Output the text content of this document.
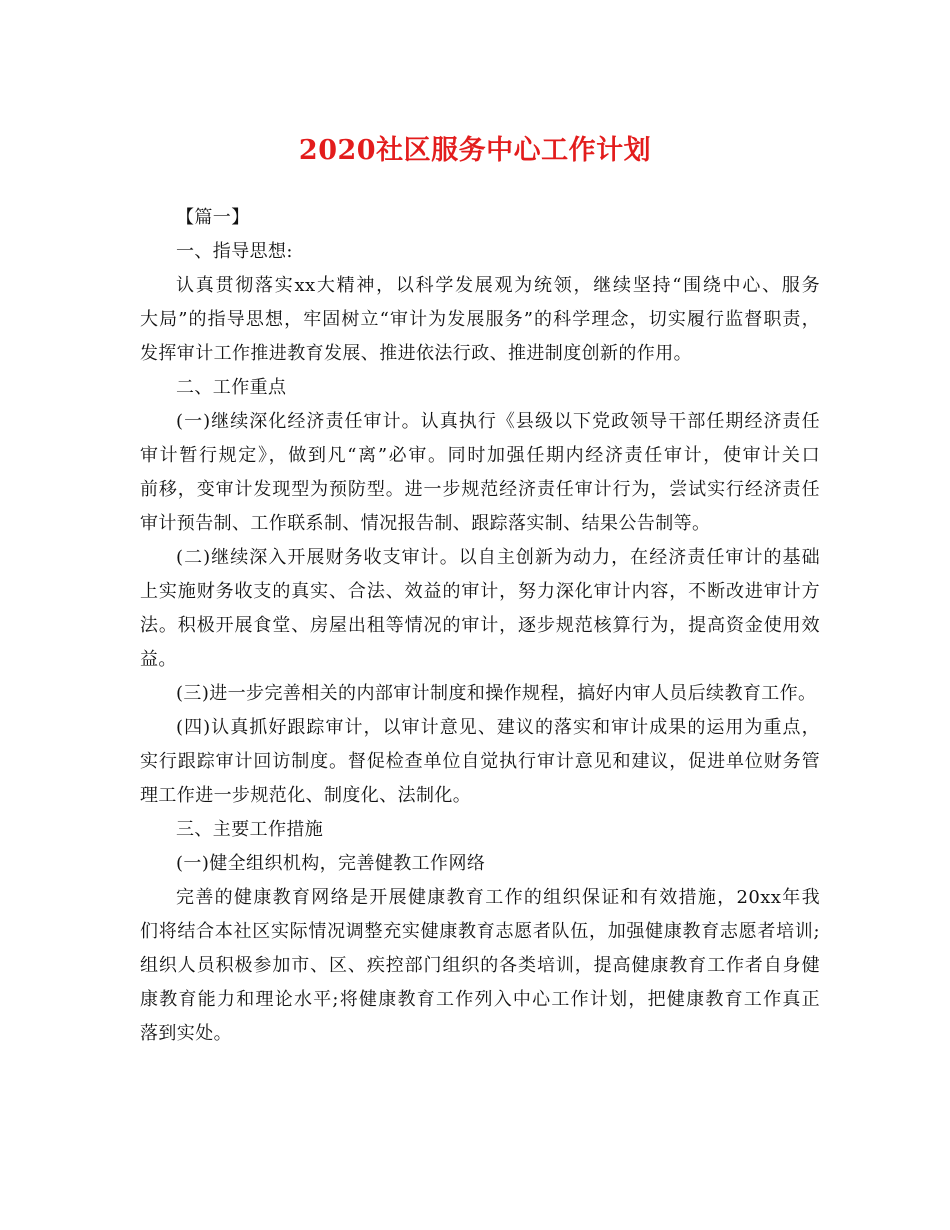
2020社区服务中心工作计划
【篇一】
一、指导思想:
认真贯彻落实xx大精神，以科学发展观为统领，继续坚持“围绕中心、服务
大局”的指导思想，牢固树立“审计为发展服务”的科学理念，切实履行监督职责，
发挥审计工作推进教育发展、推进依法行政、推进制度创新的作用。
二、工作重点
(一)继续深化经济责任审计。认真执行《县级以下党政领导干部任期经济责任
审计暂行规定》，做到凡“离”必审。同时加强任期内经济责任审计，使审计关口
前移，变审计发现型为预防型。进一步规范经济责任审计行为，尝试实行经济责任
审计预告制、工作联系制、情况报告制、跟踪落实制、结果公告制等。
(二)继续深入开展财务收支审计。以自主创新为动力，在经济责任审计的基础
上实施财务收支的真实、合法、效益的审计，努力深化审计内容，不断改进审计方
法。积极开展食堂、房屋出租等情况的审计，逐步规范核算行为，提高资金使用效
益。
(三)进一步完善相关的内部审计制度和操作规程，搞好内审人员后续教育工作。
(四)认真抓好跟踪审计，以审计意见、建议的落实和审计成果的运用为重点，
实行跟踪审计回访制度。督促检查单位自觉执行审计意见和建议，促进单位财务管
理工作进一步规范化、制度化、法制化。
三、主要工作措施
(一)健全组织机构，完善健教工作网络
完善的健康教育网络是开展健康教育工作的组织保证和有效措施，20xx年我
们将结合本社区实际情况调整充实健康教育志愿者队伍，加强健康教育志愿者培训;
组织人员积极参加市、区、疾控部门组织的各类培训，提高健康教育工作者自身健
康教育能力和理论水平;将健康教育工作列入中心工作计划，把健康教育工作真正
落到实处。
